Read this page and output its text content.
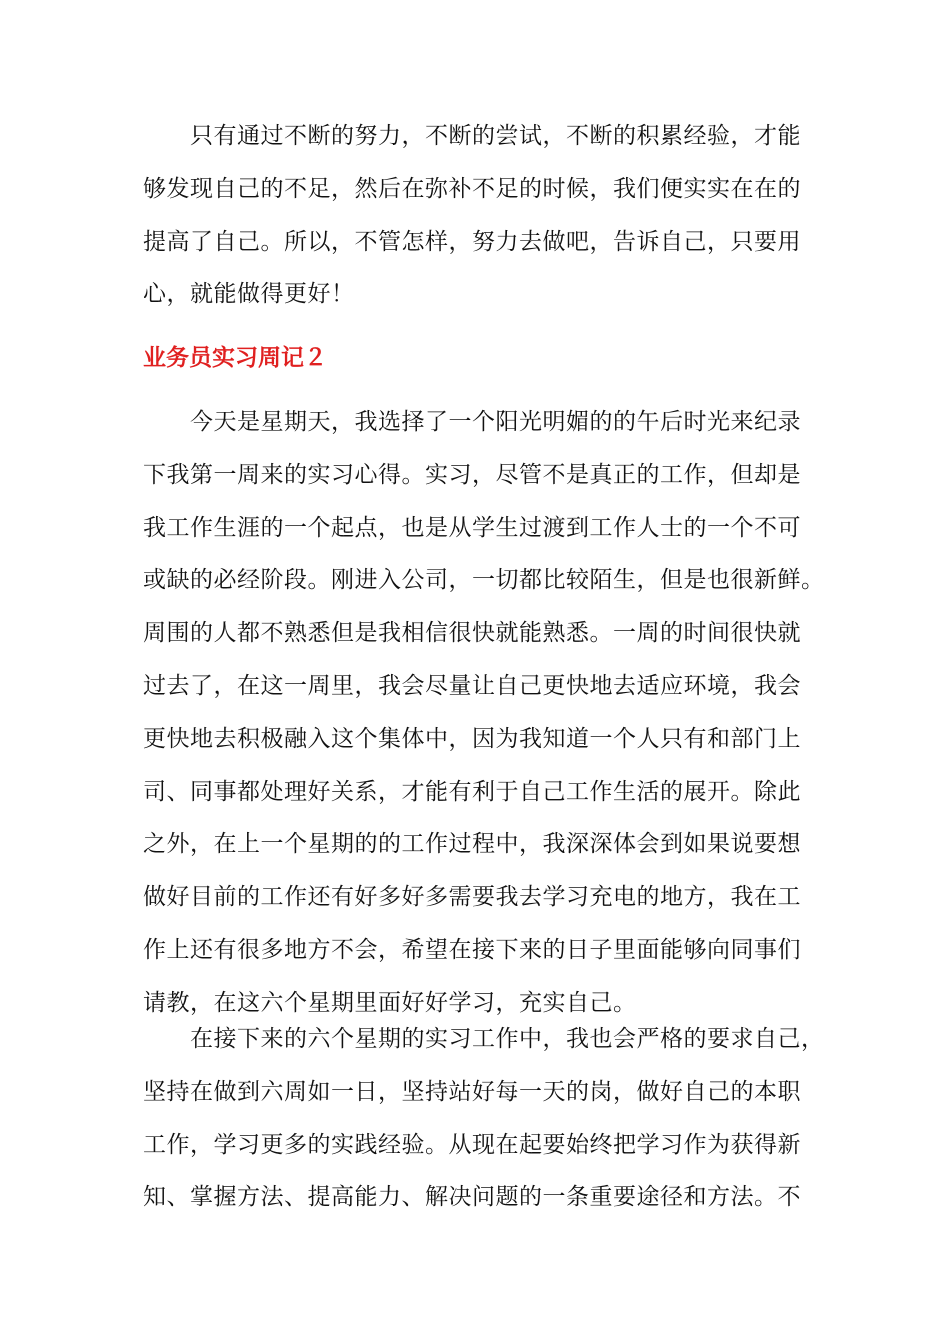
只有通过不断的努力，不断的尝试，不断的积累经验，才能
够发现自己的不足，然后在弥补不足的时候，我们便实实在在的
提高了自己。所以，不管怎样，努力去做吧，告诉自己，只要用
心，就能做得更好！
业务员实习周记２
今天是星期天，我选择了一个阳光明媚的的午后时光来纪录
下我第一周来的实习心得。实习，尽管不是真正的工作，但却是
我工作生涯的一个起点，也是从学生过渡到工作人士的一个不可
或缺的必经阶段。刚进入公司，一切都比较陌生，但是也很新鲜。
周围的人都不熟悉但是我相信很快就能熟悉。一周的时间很快就
过去了，在这一周里，我会尽量让自己更快地去适应环境，我会
更快地去积极融入这个集体中，因为我知道一个人只有和部门上
司、同事都处理好关系，才能有利于自己工作生活的展开。除此
之外，在上一个星期的的工作过程中，我深深体会到如果说要想
做好目前的工作还有好多好多需要我去学习充电的地方，我在工
作上还有很多地方不会，希望在接下来的日子里面能够向同事们
请教，在这六个星期里面好好学习，充实自己。
在接下来的六个星期的实习工作中，我也会严格的要求自己，
坚持在做到六周如一日，坚持站好每一天的岗，做好自己的本职
工作，学习更多的实践经验。从现在起要始终把学习作为获得新
知、掌握方法、提高能力、解决问题的一条重要途径和方法。不
